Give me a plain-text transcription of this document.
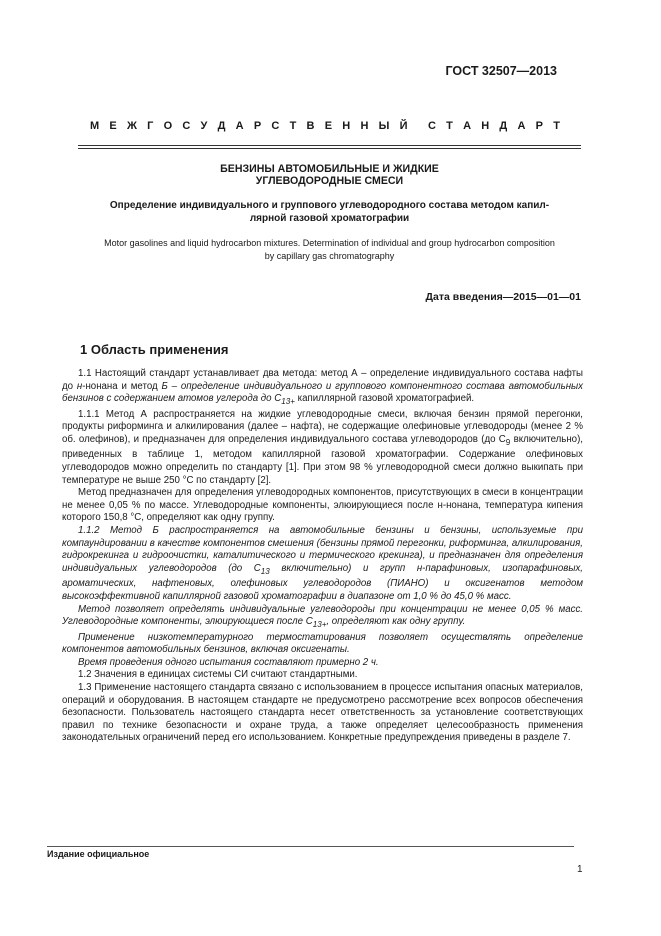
ГОСТ 32507—2013
М Е Ж Г О С У Д А Р С Т В Е Н Н Ы Й С Т А Н Д А Р Т
БЕНЗИНЫ АВТОМОБИЛЬНЫЕ И ЖИДКИЕ
УГЛЕВОДОРОДНЫЕ СМЕСИ
Определение индивидуального и группового углеводородного состава методом капил-
лярной газовой хроматографии
Motor gasolines and liquid hydrocarbon mixtures. Determination of individual and group hydrocarbon composition
by capillary gas chromatography
Дата введения—2015—01—01
1 Область применения

1.1 Настоящий стандарт устанавливает два метода: метод А – определение индивидуального состава нафты до н-нонана и метод Б – определение индивидуального и группового компонентного состава автомобильных бензинов с содержанием атомов углерода до $C_{13+}$ капиллярной газовой хроматографией.

1.1.1 Метод А распространяется на жидкие углеводородные смеси, включая бензин прямой перегонки, продукты риформинга и алкилирования (далее – нафта), не содержащие олефиновые углеводороды (менее 2 % об. олефинов), и предназначен для определения индивидуального состава углеводородов (до $C_9$ включительно), приведенных в таблице 1, методом капиллярной газовой хроматографии. Содержание олефиновых углеводородов можно определить по стандарту [1]. При этом 98 % углеводородной смеси должно выкипать при температуре не выше 250 °С по стандарту [2].

Метод предназначен для определения углеводородных компонентов, присутствующих в смеси в концентрации не менее 0,05 % по массе. Углеводородные компоненты, элюирующиеся после н-нонана, температура кипения которого 150,8 °С, определяют как одну группу.

1.1.2 Метод Б распространяется на автомобильные бензины и бензины, используемые при компаундировании в качестве компонентов смешения (бензины прямой перегонки, риформинга, алкилирования, гидрокрекинга и гидроочистки, каталитического и термического крекинга), и предназначен для определения индивидуальных углеводородов (до $C_{13}$ включительно) и групп н-парафиновых, изопарафиновых, ароматических, нафтеновых, олефиновых углеводородов (ПИАНО) и оксигенатов методом высокоэффективной капиллярной газовой хроматографии в диапазоне от 1,0 % до 45,0 % масс.

Метод позволяет определять индивидуальные углеводороды при концентрации не менее 0,05 % масс. Углеводородные компоненты, элюирующиеся после $C_{13+}$, определяют как одну группу.

Применение низкотемпературного термостатирования позволяет осуществлять определение компонентов автомобильных бензинов, включая оксигенаты.

Время проведения одного испытания составляют примерно 2 ч.

1.2 Значения в единицах системы СИ считают стандартными.

1.3 Применение настоящего стандарта связано с использованием в процессе испытания опасных материалов, операций и оборудования. В настоящем стандарте не предусмотрено рассмотрение всех вопросов обеспечения безопасности. Пользователь настоящего стандарта несет ответственность за установление соответствующих правил по технике безопасности и охране труда, а также определяет целесообразность применения законодательных ограничений перед его использованием. Конкретные предупреждения приведены в разделе 7.

Издание официальное
1
